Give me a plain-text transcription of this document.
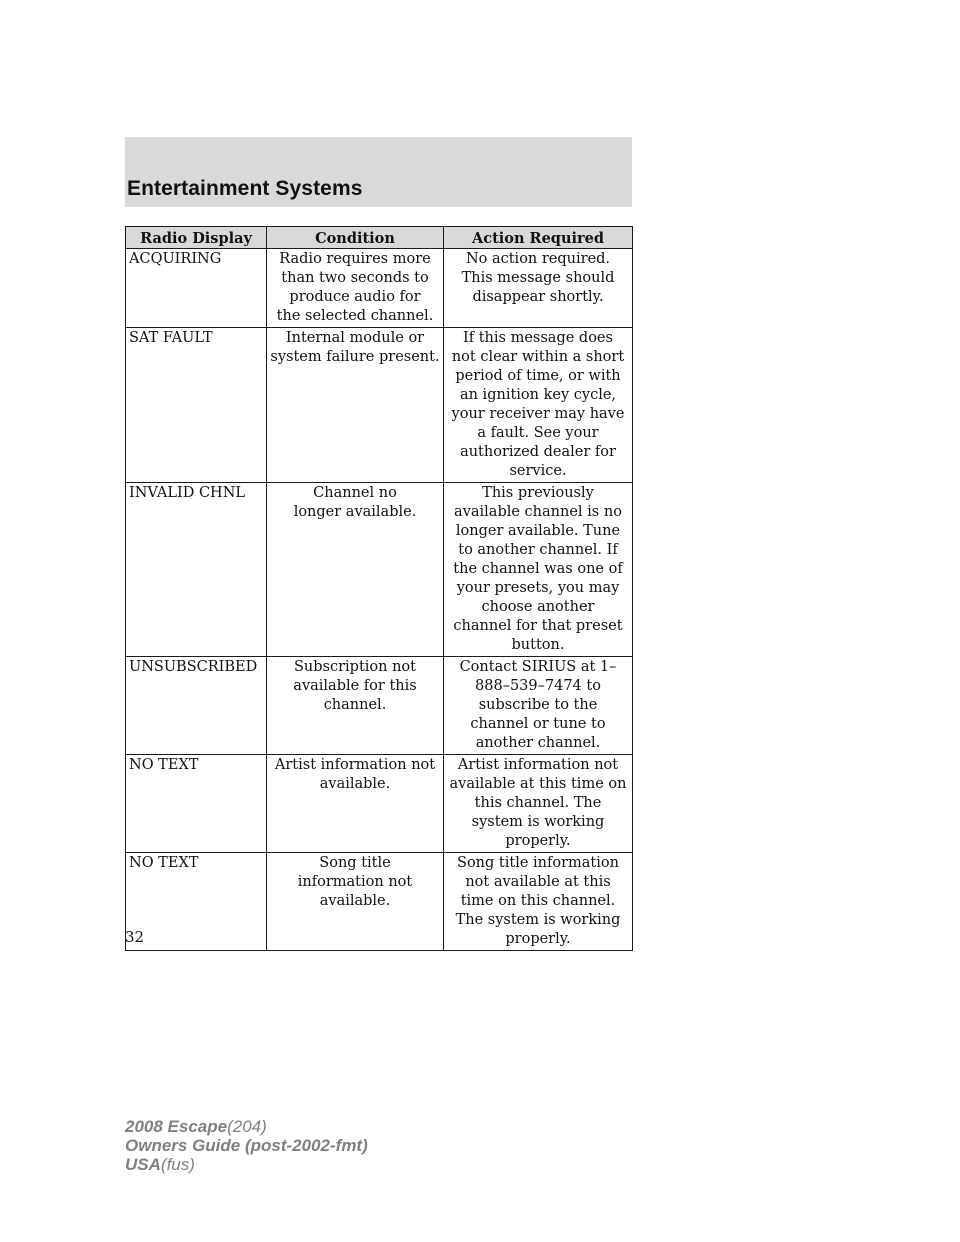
Entertainment Systems
Radio Display	Condition	Action Required
ACQUIRING	Radio requires more than two seconds to produce audio for the selected channel.	No action required. This message should disappear shortly.

SAT FAULT	Internal module or system failure present.	If this message does not clear within a short period of time, or with an ignition key cycle, your receiver may have a fault. See your authorized dealer for service.

INVALID CHNL	Channel no longer available.	This previously available channel is no longer available. Tune to another channel. If the channel was one of your presets, you may choose another channel for that preset button.

UNSUBSCRIBED	Subscription not available for this channel.	Contact SIRIUS at 1–888–539–7474 to subscribe to the channel or tune to another channel.

NO TEXT	Artist information not available.	Artist information not available at this time on this channel. The system is working properly.

NO TEXT	Song title information not available.	Song title information not available at this time on this channel. The system is working properly.

32

2008 Escape(204)
Owners Guide (post-2002-fmt)
USA(fus)
